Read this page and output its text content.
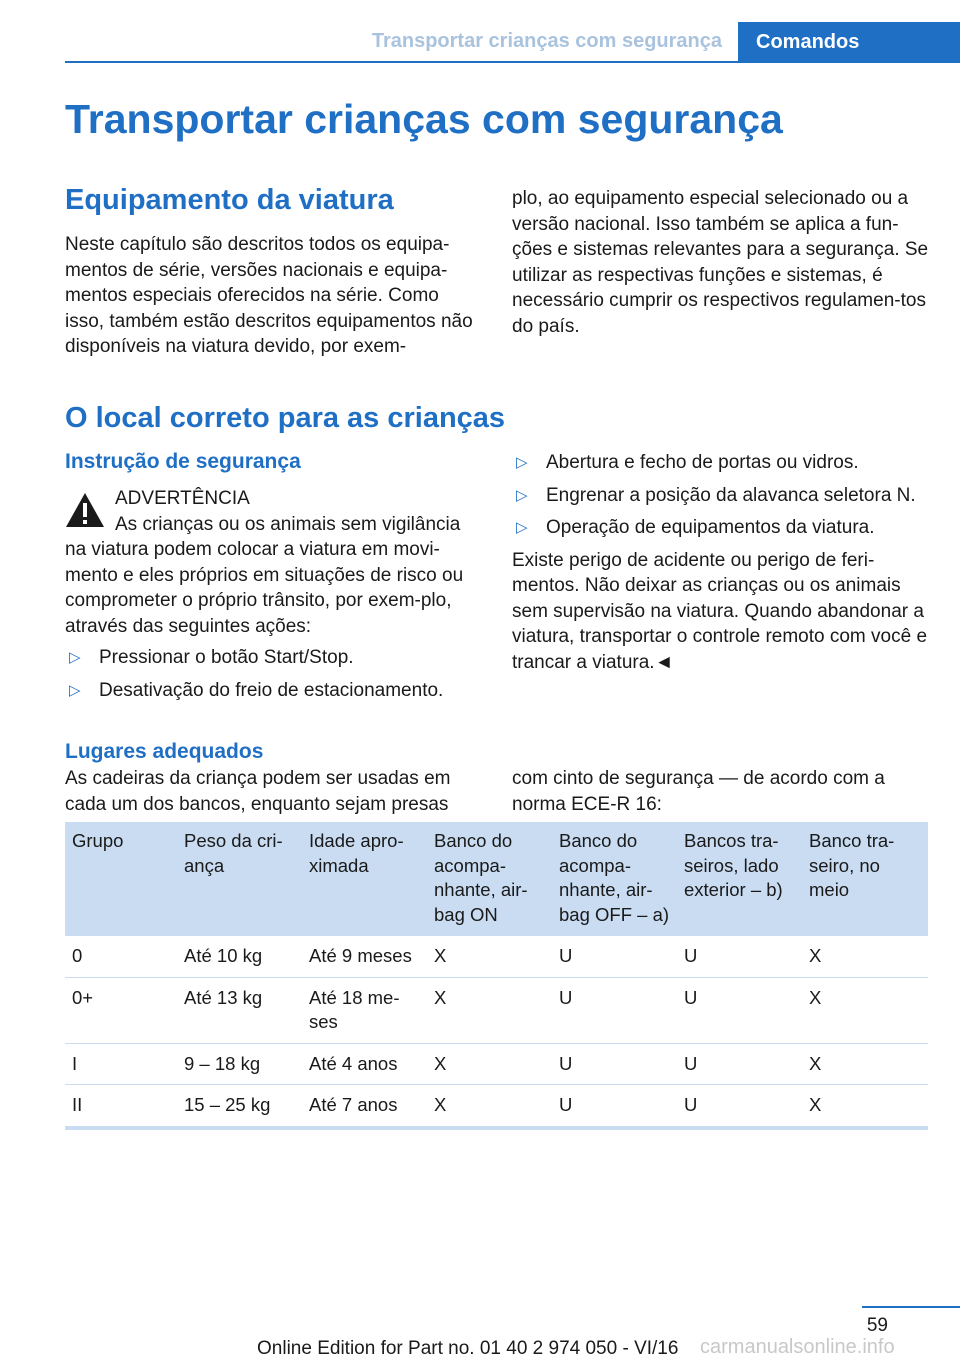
Transportar crianças com segurança	Comandos
Transportar crianças com segurança
Equipamento da viatura

Neste capítulo são descritos todos os equipa-mentos de série, versões nacionais e equipa-mentos especiais oferecidos na série. Como isso, também estão descritos equipamentos não disponíveis na viatura devido, por exem-

plo, ao equipamento especial selecionado ou a versão nacional. Isso também se aplica a fun-ções e sistemas relevantes para a segurança. Se utilizar as respectivas funções e sistemas, é necessário cumprir os respectivos regulamen-tos do país.

O local correto para as crianças
Instrução de segurança
ADVERTÊNCIA

As crianças ou os animais sem vigilância na viatura podem colocar a viatura em movi-mento e eles próprios em situações de risco ou comprometer o próprio trânsito, por exem-plo, através das seguintes ações:

▷ Pressionar o botão Start/Stop.
▷ Desativação do freio de estacionamento.
▷ Abertura e fecho de portas ou vidros.
▷ Engrenar a posição da alavanca seletora N.
▷ Operação de equipamentos da viatura.

Existe perigo de acidente ou perigo de feri-mentos. Não deixar as crianças ou os animais sem supervisão na viatura. Quando abandonar a viatura, transportar o controle remoto com você e trancar a viatura.◄

Lugares adequados

As cadeiras da criança podem ser usadas em cada um dos bancos, enquanto sejam presas

com cinto de segurança — de acordo com a norma ECE-R 16:

Grupo	Peso da cri-ança	Idade apro-ximada	Banco do acompa-nhante, air-bag ON	Banco do acompa-nhante, air-bag OFF – a)	Bancos tra-seiros, lado exterior – b)	Banco tra-seiro, no meio
0	Até 10 kg	Até 9 meses	X	U	U	X
0+	Até 13 kg	Até 18 me-ses	X	U	U	X
I	9 – 18 kg	Até 4 anos	X	U	U	X
II	15 – 25 kg	Até 7 anos	X	U	U	X
59
Online Edition for Part no. 01 40 2 974 050 - VI/16 carmanualsonline.info
